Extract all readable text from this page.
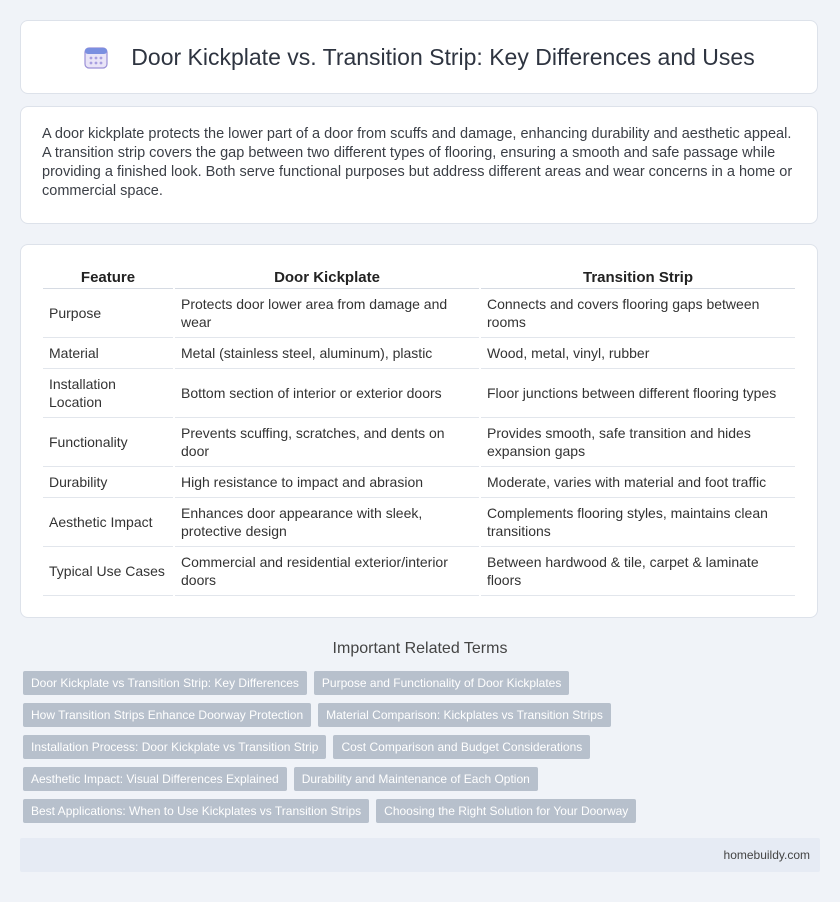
Door Kickplate vs. Transition Strip: Key Differences and Uses

A door kickplate protects the lower part of a door from scuffs and damage, enhancing durability and aesthetic appeal. A transition strip covers the gap between two different types of flooring, ensuring a smooth and safe passage while providing a finished look. Both serve functional purposes but address different areas and wear concerns in a home or commercial space.

Feature	Door Kickplate	Transition Strip
Purpose	Protects door lower area from damage and wear	Connects and covers flooring gaps between rooms
Material	Metal (stainless steel, aluminum), plastic	Wood, metal, vinyl, rubber
Installation Location	Bottom section of interior or exterior doors	Floor junctions between different flooring types
Functionality	Prevents scuffing, scratches, and dents on door	Provides smooth, safe transition and hides expansion gaps
Durability	High resistance to impact and abrasion	Moderate, varies with material and foot traffic
Aesthetic Impact	Enhances door appearance with sleek, protective design	Complements flooring styles, maintains clean transitions
Typical Use Cases	Commercial and residential exterior/interior doors	Between hardwood & tile, carpet & laminate floors
Important Related Terms
Door Kickplate vs Transition Strip: Key Differences	Purpose and Functionality of Door Kickplates
How Transition Strips Enhance Doorway Protection	Material Comparison: Kickplates vs Transition Strips
Installation Process: Door Kickplate vs Transition Strip	Cost Comparison and Budget Considerations
Aesthetic Impact: Visual Differences Explained	Durability and Maintenance of Each Option
Best Applications: When to Use Kickplates vs Transition Strips	Choosing the Right Solution for Your Doorway
homebuildy.com
